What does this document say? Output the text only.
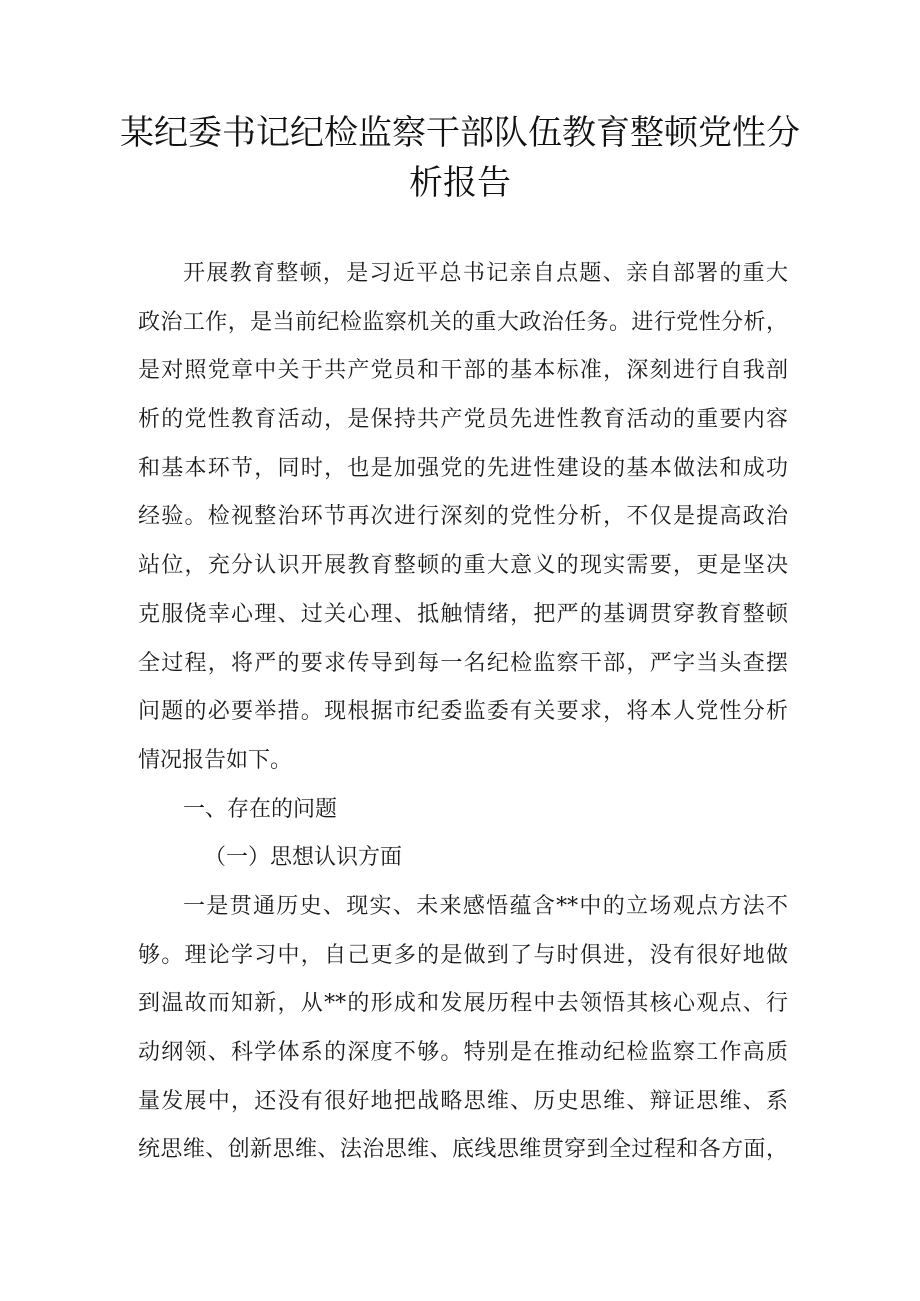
某纪委书记纪检监察干部队伍教育整顿党性分
析报告
开展教育整顿，是习近平总书记亲自点题、亲自部署的重大
政治工作，是当前纪检监察机关的重大政治任务。进行党性分析，
是对照党章中关于共产党员和干部的基本标准，深刻进行自我剖
析的党性教育活动，是保持共产党员先进性教育活动的重要内容
和基本环节，同时，也是加强党的先进性建设的基本做法和成功
经验。检视整治环节再次进行深刻的党性分析，不仅是提高政治
站位，充分认识开展教育整顿的重大意义的现实需要，更是坚决
克服侥幸心理、过关心理、抵触情绪，把严的基调贯穿教育整顿
全过程，将严的要求传导到每一名纪检监察干部，严字当头查摆
问题的必要举措。现根据市纪委监委有关要求，将本人党性分析
情况报告如下。
一、存在的问题
（一）思想认识方面
一是贯通历史、现实、未来感悟蕴含**中的立场观点方法不
够。理论学习中，自己更多的是做到了与时俱进，没有很好地做
到温故而知新，从**的形成和发展历程中去领悟其核心观点、行
动纲领、科学体系的深度不够。特别是在推动纪检监察工作高质
量发展中，还没有很好地把战略思维、历史思维、辩证思维、系
统思维、创新思维、法治思维、底线思维贯穿到全过程和各方面，
